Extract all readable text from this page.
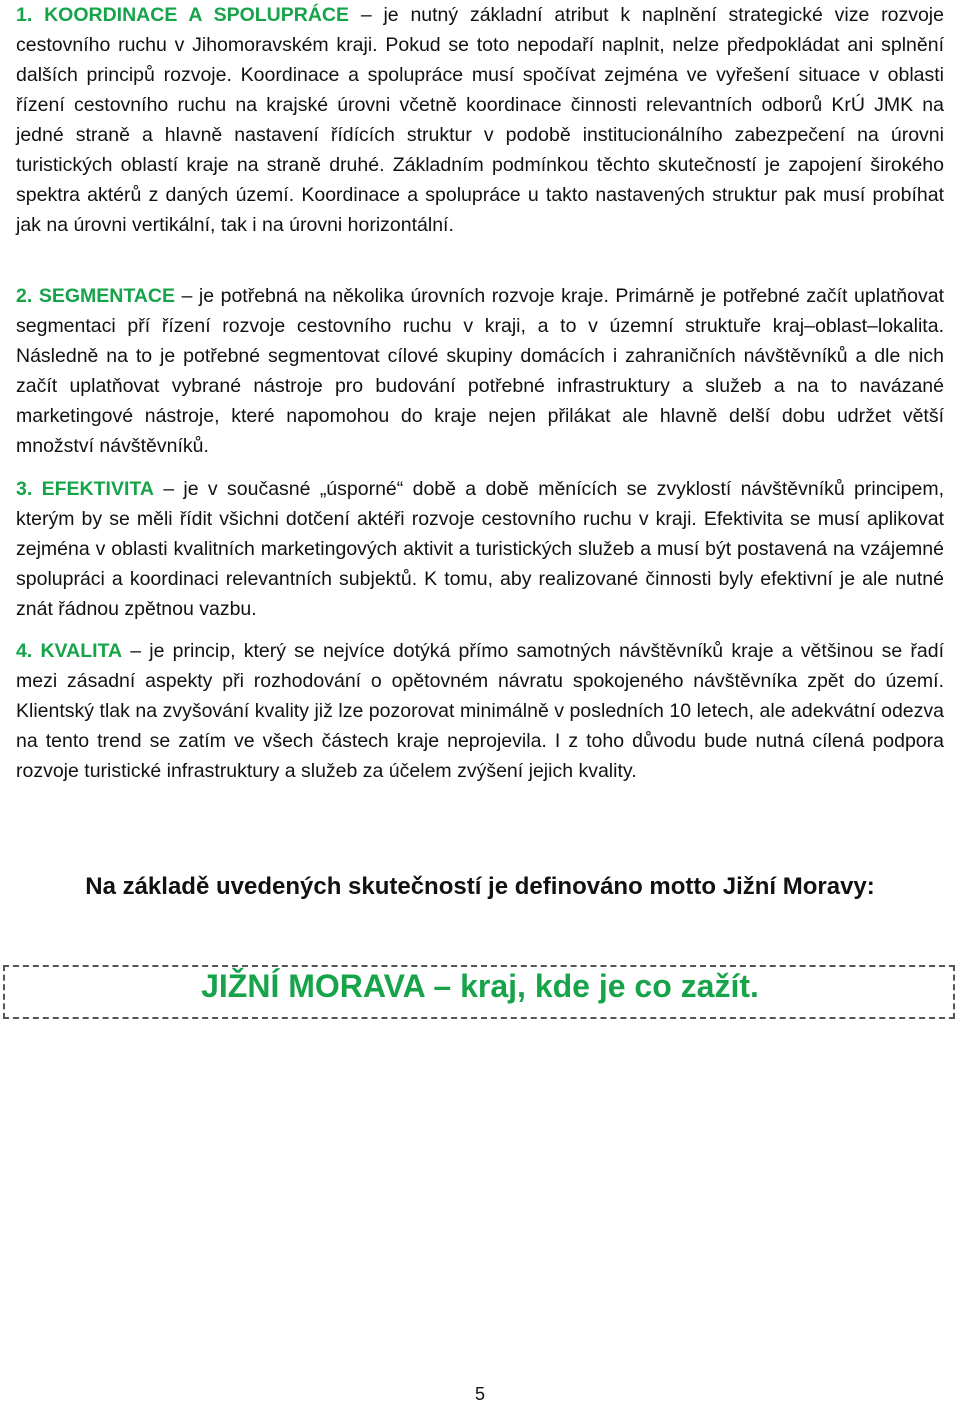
1. KOORDINACE A SPOLUPRÁCE – je nutný základní atribut k naplnění strategické vize rozvoje cestovního ruchu v Jihomoravském kraji. Pokud se toto nepodaří naplnit, nelze předpokládat ani splnění dalších principů rozvoje. Koordinace a spolupráce musí spočívat zejména ve vyřešení situace v oblasti řízení cestovního ruchu na krajské úrovni včetně koordinace činnosti relevantních odborů KrÚ JMK na jedné straně a hlavně nastavení řídících struktur v podobě institucionálního zabezpečení na úrovni turistických oblastí kraje na straně druhé. Základním podmínkou těchto skutečností je zapojení širokého spektra aktérů z daných území. Koordinace a spolupráce u takto nastavených struktur pak musí probíhat jak na úrovni vertikální, tak i na úrovni horizontální.

2. SEGMENTACE – je potřebná na několika úrovních rozvoje kraje. Primárně je potřebné začít uplatňovat segmentaci pří řízení rozvoje cestovního ruchu v kraji, a to v územní struktuře kraj–oblast–lokalita. Následně na to je potřebné segmentovat cílové skupiny domácích i zahraničních návštěvníků a dle nich začít uplatňovat vybrané nástroje pro budování potřebné infrastruktury a služeb a na to navázané marketingové nástroje, které napomohou do kraje nejen přilákat ale hlavně delší dobu udržet větší množství návštěvníků.

3. EFEKTIVITA – je v současné „úsporné“ době a době měnících se zvyklostí návštěvníků principem, kterým by se měli řídit všichni dotčení aktéři rozvoje cestovního ruchu v kraji. Efektivita se musí aplikovat zejména v oblasti kvalitních marketingových aktivit a turistických služeb a musí být postavená na vzájemné spolupráci a koordinaci relevantních subjektů. K tomu, aby realizované činnosti byly efektivní je ale nutné znát řádnou zpětnou vazbu.

4. KVALITA – je princip, který se nejvíce dotýká přímo samotných návštěvníků kraje a většinou se řadí mezi zásadní aspekty při rozhodování o opětovném návratu spokojeného návštěvníka zpět do území. Klientský tlak na zvyšování kvality již lze pozorovat minimálně v posledních 10 letech, ale adekvátní odezva na tento trend se zatím ve všech částech kraje neprojevila. I z toho důvodu bude nutná cílená podpora rozvoje turistické infrastruktury a služeb za účelem zvýšení jejich kvality.

Na základě uvedených skutečností je definováno motto Jižní Moravy:
JIŽNÍ MORAVA – kraj, kde je co zažít.
5
